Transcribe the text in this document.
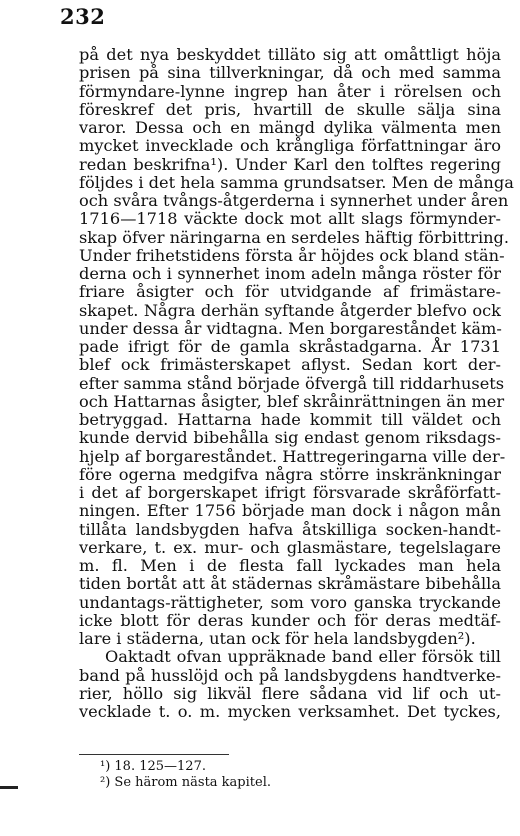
232
på det nya beskyddet tilläto sig att omåttligt höja
prisen på sina tillverkningar, då och med samma
förmyndare-lynne ingrep han åter i rörelsen och
föreskref det pris, hvartill de skulle sälja sina
varor. Dessa och en mängd dylika välmenta men
mycket invecklade och krångliga författningar äro
redan beskrifna¹). Under Karl den tolftes regering
följdes i det hela samma grundsatser. Men de många
och svåra tvångs-åtgerderna i synnerhet under åren
1716—1718 väckte dock mot allt slags förmynder-
skap öfver näringarna en serdeles häftig förbittring.
Under frihetstidens första år höjdes ock bland stän-
derna och i synnerhet inom adeln många röster för
friare åsigter och för utvidgande af frimästare-
skapet. Några derhän syftande åtgerder blefvo ock
under dessa år vidtagna. Men borgareståndet käm-
pade ifrigt för de gamla skråstadgarna. År 1731
blef ock frimästerskapet aflyst. Sedan kort der-
efter samma stånd började öfvergå till riddarhusets
och Hattarnas åsigter, blef skråinrättningen än mer
betryggad. Hattarna hade kommit till väldet och
kunde dervid bibehålla sig endast genom riksdags-
hjelp af borgareståndet. Hattregeringarna ville der-
före ogerna medgifva några större inskränkningar
i det af borgerskapet ifrigt försvarade skråförfatt-
ningen. Efter 1756 började man dock i någon mån
tillåta landsbygden hafva åtskilliga socken-handt-
verkare, t. ex. mur- och glasmästare, tegelslagare
m. fl. Men i de flesta fall lyckades man hela
tiden bortåt att åt städernas skråmästare bibehålla
undantags-rättigheter, som voro ganska tryckande
icke blott för deras kunder och för deras medtäf-
lare i städerna, utan ock för hela landsbygden²).
Oaktadt ofvan uppräknade band eller försök till
band på husslöjd och på landsbygdens handtverke-
rier, höllo sig likväl flere sådana vid lif och ut-
vecklade t. o. m. mycken verksamhet. Det tyckes,
¹) 18. 125—127.
²) Se härom nästa kapitel.
